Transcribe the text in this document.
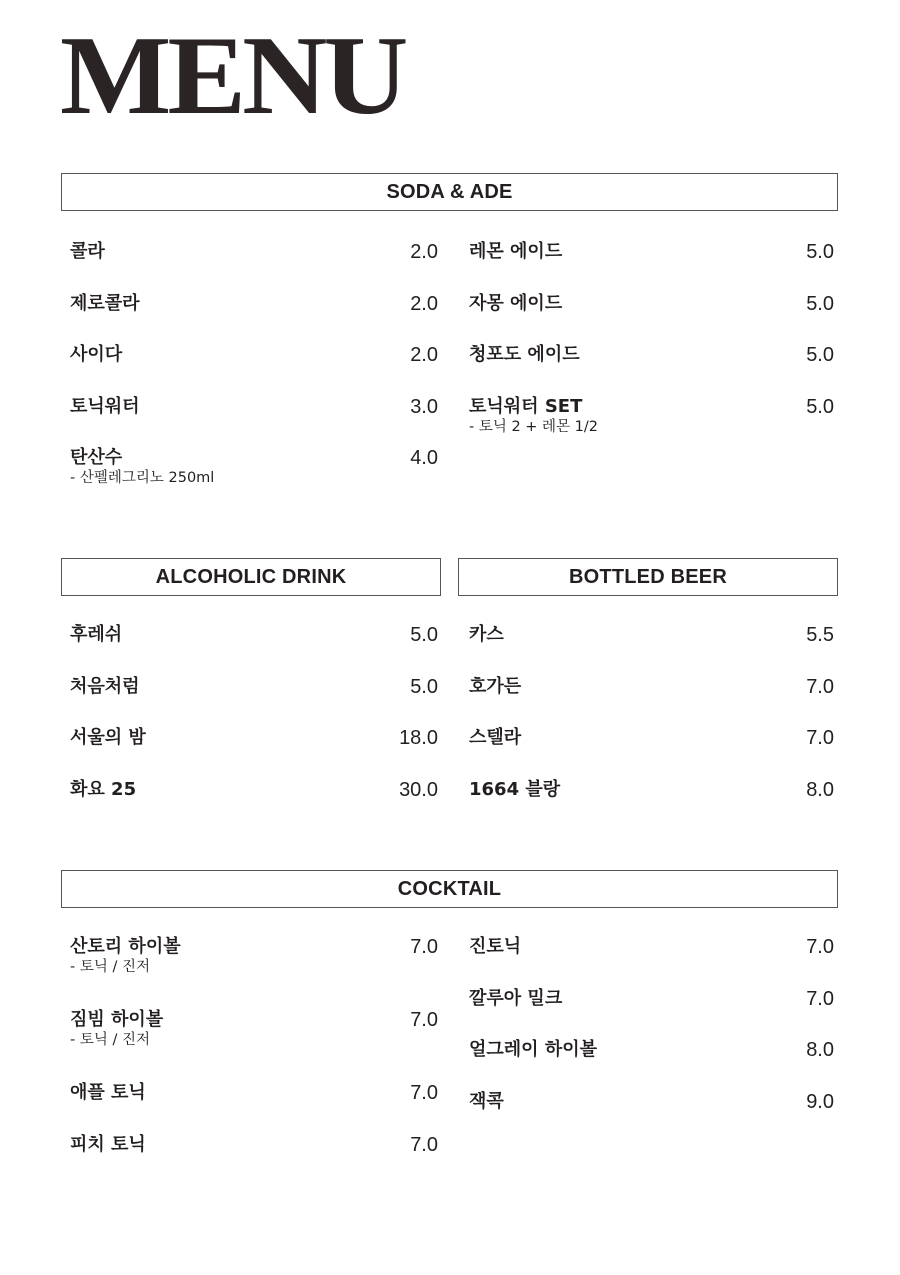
MENU
SODA & ADE
콜라	2.0
제로콜라	2.0
사이다	2.0
토닉워터	3.0
탄산수	4.0
- 산펠레그리노 250ml
레몬 에이드	5.0
자몽 에이드	5.0
청포도 에이드	5.0
토닉워터 SET	5.0
- 토닉 2 + 레몬 1/2
ALCOHOLIC DRINK
후레쉬	5.0
처음처럼	5.0
서울의 밤	18.0
화요 25	30.0
BOTTLED BEER
카스	5.5
호가든	7.0
스텔라	7.0
1664 블랑	8.0
COCKTAIL
산토리 하이볼	7.0
- 토닉 / 진저
짐빔 하이볼	7.0
- 토닉 / 진저
애플 토닉	7.0
피치 토닉	7.0
진토닉	7.0
깔루아 밀크	7.0
얼그레이 하이볼	8.0
잭콕	9.0
